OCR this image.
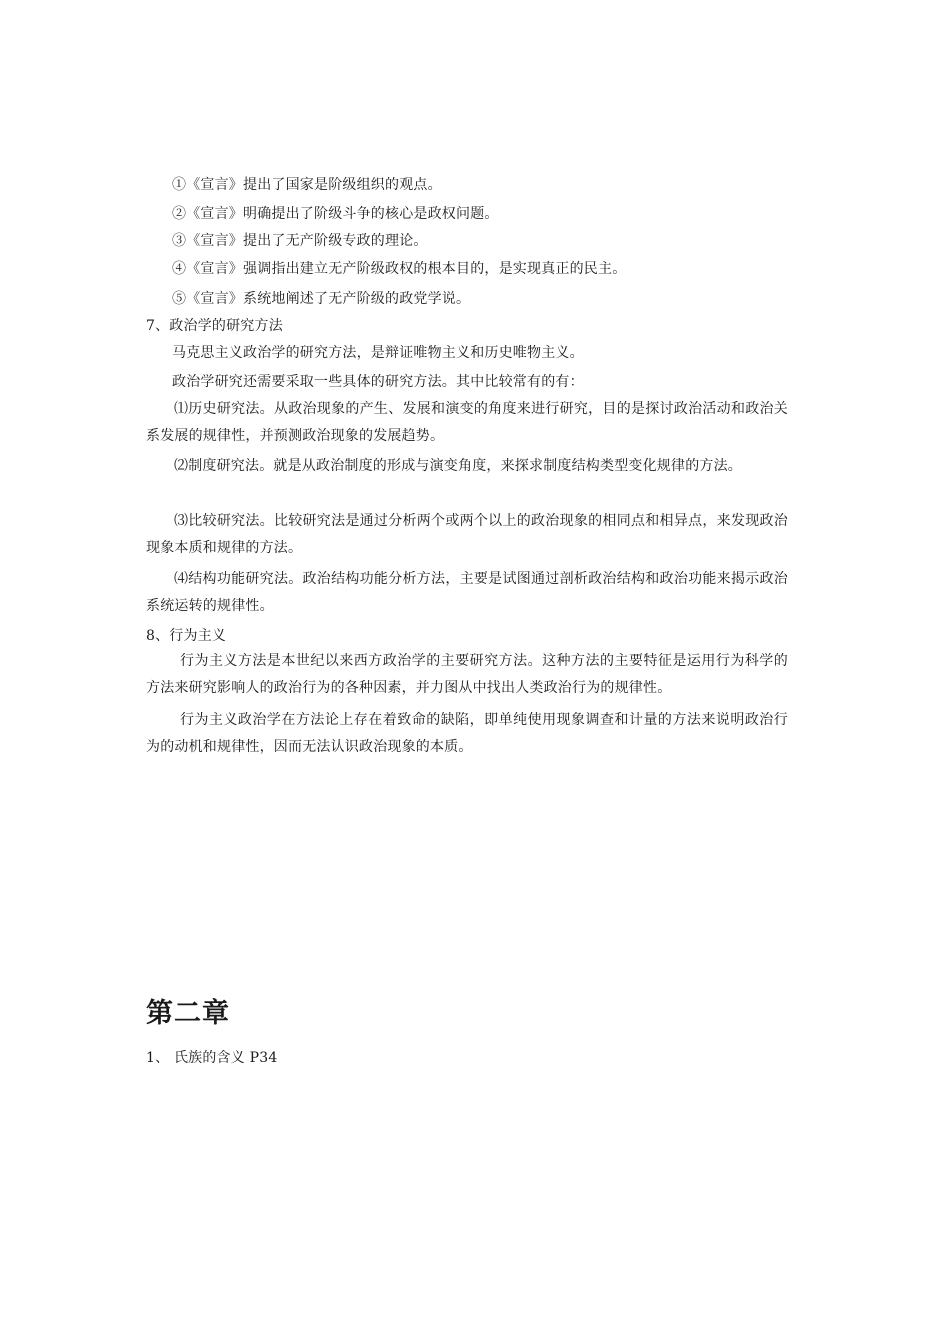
①《宣言》提出了国家是阶级组织的观点。
②《宣言》明确提出了阶级斗争的核心是政权问题。
③《宣言》提出了无产阶级专政的理论。
④《宣言》强调指出建立无产阶级政权的根本目的，是实现真正的民主。
⑤《宣言》系统地阐述了无产阶级的政党学说。
7、政治学的研究方法
马克思主义政治学的研究方法，是辩证唯物主义和历史唯物主义。
政治学研究还需要采取一些具体的研究方法。其中比较常有的有：
⑴历史研究法。从政治现象的产生、发展和演变的角度来进行研究，目的是探讨政治活动和政治关系发展的规律性，并预测政治现象的发展趋势。
⑵制度研究法。就是从政治制度的形成与演变角度，来探求制度结构类型变化规律的方法。
⑶比较研究法。比较研究法是通过分析两个或两个以上的政治现象的相同点和相异点，来发现政治现象本质和规律的方法。
⑷结构功能研究法。政治结构功能分析方法，主要是试图通过剖析政治结构和政治功能来揭示政治系统运转的规律性。
8、行为主义
行为主义方法是本世纪以来西方政治学的主要研究方法。这种方法的主要特征是运用行为科学的方法来研究影响人的政治行为的各种因素，并力图从中找出人类政治行为的规律性。
行为主义政治学在方法论上存在着致命的缺陷，即单纯使用现象调查和计量的方法来说明政治行为的动机和规律性，因而无法认识政治现象的本质。
第二章
1、 氏族的含义 P34
